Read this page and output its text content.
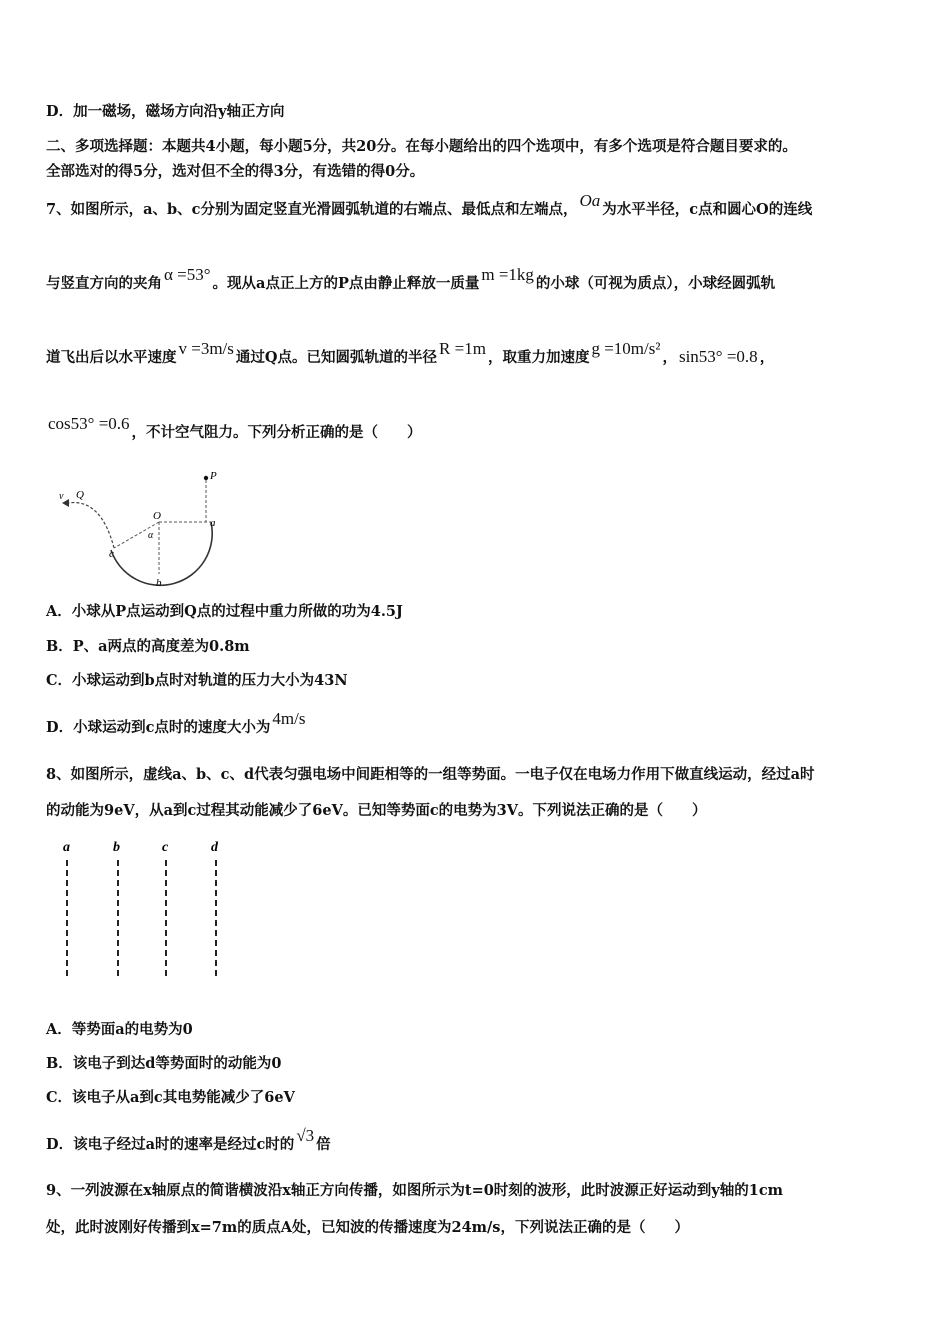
D．加一磁场，磁场方向沿y轴正方向
二、多项选择题：本题共4小题，每小题5分，共20分。在每小题给出的四个选项中，有多个选项是符合题目要求的。
全部选对的得5分，选对但不全的得3分，有选错的得0分。
7、如图所示，a、b、c分别为固定竖直光滑圆弧轨道的右端点、最低点和左端点， Oa 为水平半径，c点和圆心O的连线
与竖直方向的夹角 α =53° 。现从a点正上方的P点由静止释放一质量 m =1kg 的小球（可视为质点），小球经圆弧轨
道飞出后以水平速度 v =3m/s 通过Q点。已知圆弧轨道的半径 R =1m ，取重力加速度 g =10m/s² ， sin53° =0.8 ，
cos53° =0.6 ，不计空气阻力。下列分析正确的是（　　）
v Q
P
O
a
α
c
b
A．小球从P点运动到Q点的过程中重力所做的功为4.5J
B．P、a两点的高度差为0.8m
C．小球运动到b点时对轨道的压力大小为43N
D．小球运动到c点时的速度大小为 4m/s
8、如图所示，虚线a、b、c、d代表匀强电场中间距相等的一组等势面。一电子仅在电场力作用下做直线运动，经过a时
的动能为9eV，从a到c过程其动能减少了6eV。已知等势面c的电势为3V。下列说法正确的是（　　）
a	b	c	d
A．等势面a的电势为0
B．该电子到达d等势面时的动能为0
C．该电子从a到c其电势能减少了6eV
D．该电子经过a时的速率是经过c时的 √3 倍
9、一列波源在x轴原点的简谐横波沿x轴正方向传播，如图所示为t=0时刻的波形，此时波源正好运动到y轴的1cm
处，此时波刚好传播到x=7m的质点A处，已知波的传播速度为24m/s，下列说法正确的是（　　）
